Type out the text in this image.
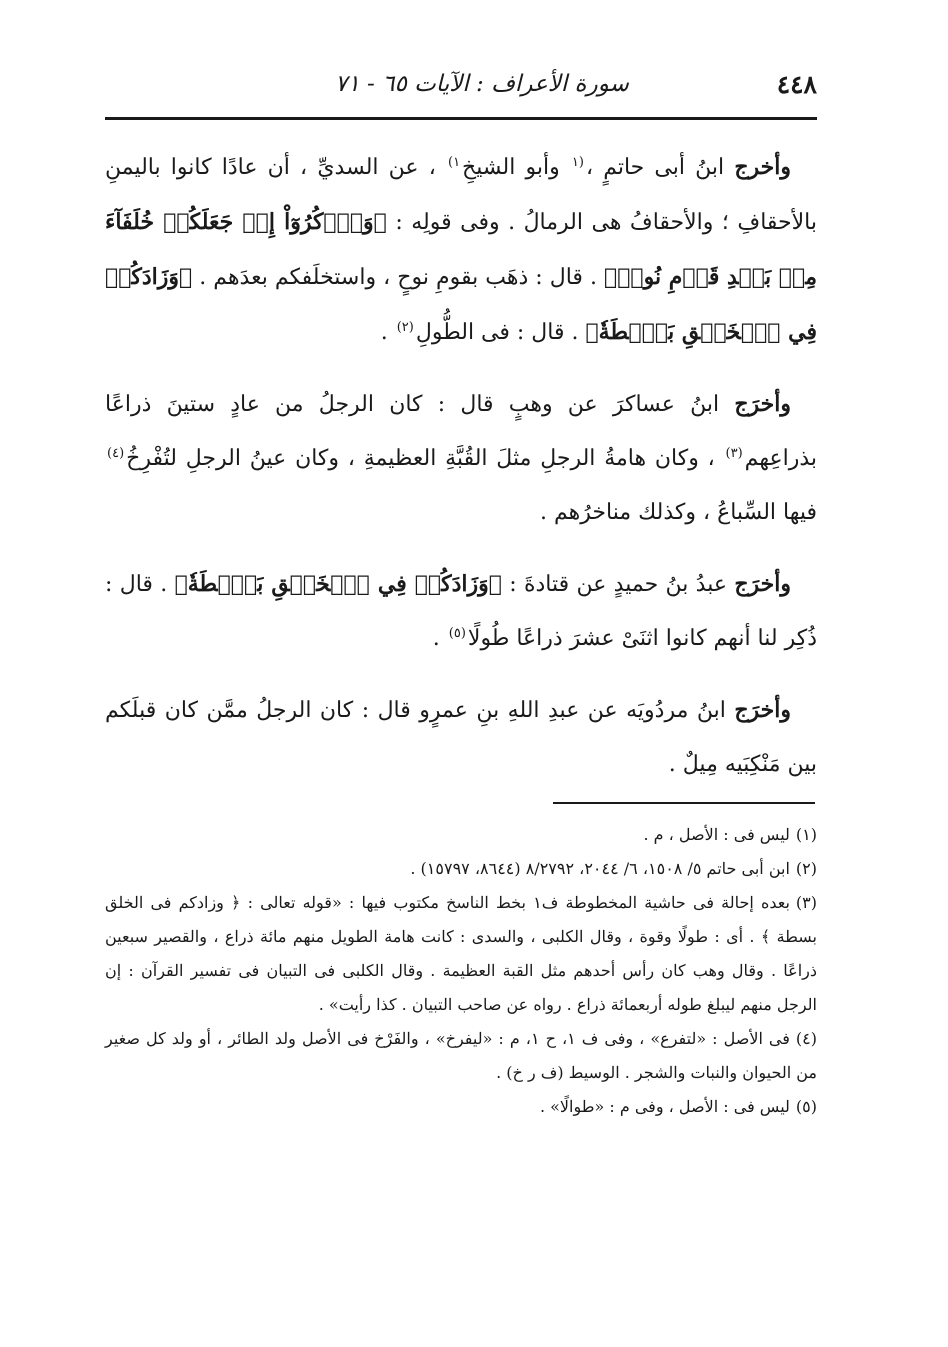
٤٤٨
سورة الأعراف : الآيات ٦٥ - ٧١

وأخرج ابنُ أبى حاتمٍ ،$^{(١}$ وأبو الشيخِ$^{١)}$ ، عن السديِّ ، أن عادًا كانوا باليمنِ بالأحقافِ ؛ والأحقافُ هى الرمالُ . وفى قولِه : ﴿وَٱذۡكُرُوٓاْ إِذۡ جَعَلَكُمۡ خُلَفَآءَ مِنۢ بَعۡدِ قَوۡمِ نُوحٖ﴾ . قال : ذهَب بقومِ نوحٍ ، واستخلَفكم بعدَهم . ﴿وَزَادَكُمۡ فِي ٱلۡخَلۡقِ بَصۜۡطَةٗ﴾ . قال : فى الطُّولِ$^{(٢)}$ .

وأخرَج ابنُ عساكرَ عن وهبٍ قال : كان الرجلُ من عادٍ ستينَ ذراعًا بذراعِهم$^{(٣)}$ ، وكان هامةُ الرجلِ مثلَ القُبَّةِ العظيمةِ ، وكان عينُ الرجلِ لتُفْرِخُ$^{(٤)}$ فيها السِّباعُ ، وكذلك مناخرُهم .

وأخرَج عبدُ بنُ حميدٍ عن قتادةَ : ﴿وَزَادَكُمۡ فِي ٱلۡخَلۡقِ بَصۜۡطَةٗ﴾ . قال : ذُكِر لنا أنهم كانوا اثنَىْ عشرَ ذراعًا طُولًا$^{(٥)}$ .

وأخرَج ابنُ مردُويَه عن عبدِ اللهِ بنِ عمرٍو قال : كان الرجلُ ممَّن كان قبلَكم بين مَنْكِبَيه مِيلٌ .

(١)ليس فى : الأصل ، م .

(٢)ابن أبى حاتم ٥/ ١٥٠٨، ٦/ ٢٠٤٤، ٨/٢٧٩٢ (٨٦٤٤، ١٥٧٩٧) .

(٣)بعده إحالة فى حاشية المخطوطة ف١ بخط الناسخ مكتوب فيها : «قوله تعالى : ﴿ وزادكم فى الخلق بسطة ﴾ . أى : طولًا وقوة ، وقال الكلبى ، والسدى : كانت هامة الطويل منهم مائة ذراع ، والقصير سبعين ذراعًا . وقال وهب كان رأس أحدهم مثل القبة العظيمة . وقال الكلبى فى التبيان فى تفسير القرآن : إن الرجل منهم ليبلغ طوله أربعمائة ذراع . رواه عن صاحب التبيان . كذا رأيت» .

(٤)فى الأصل : «لتفرع» ، وفى ف ١، ح ١، م : «ليفرخ» ، والفَرْخ فى الأصل ولد الطائر ، أو ولد كل صغير من الحيوان والنبات والشجر . الوسيط (ف ر خ) .

(٥)ليس فى : الأصل ، وفى م : «طوالًا» .
